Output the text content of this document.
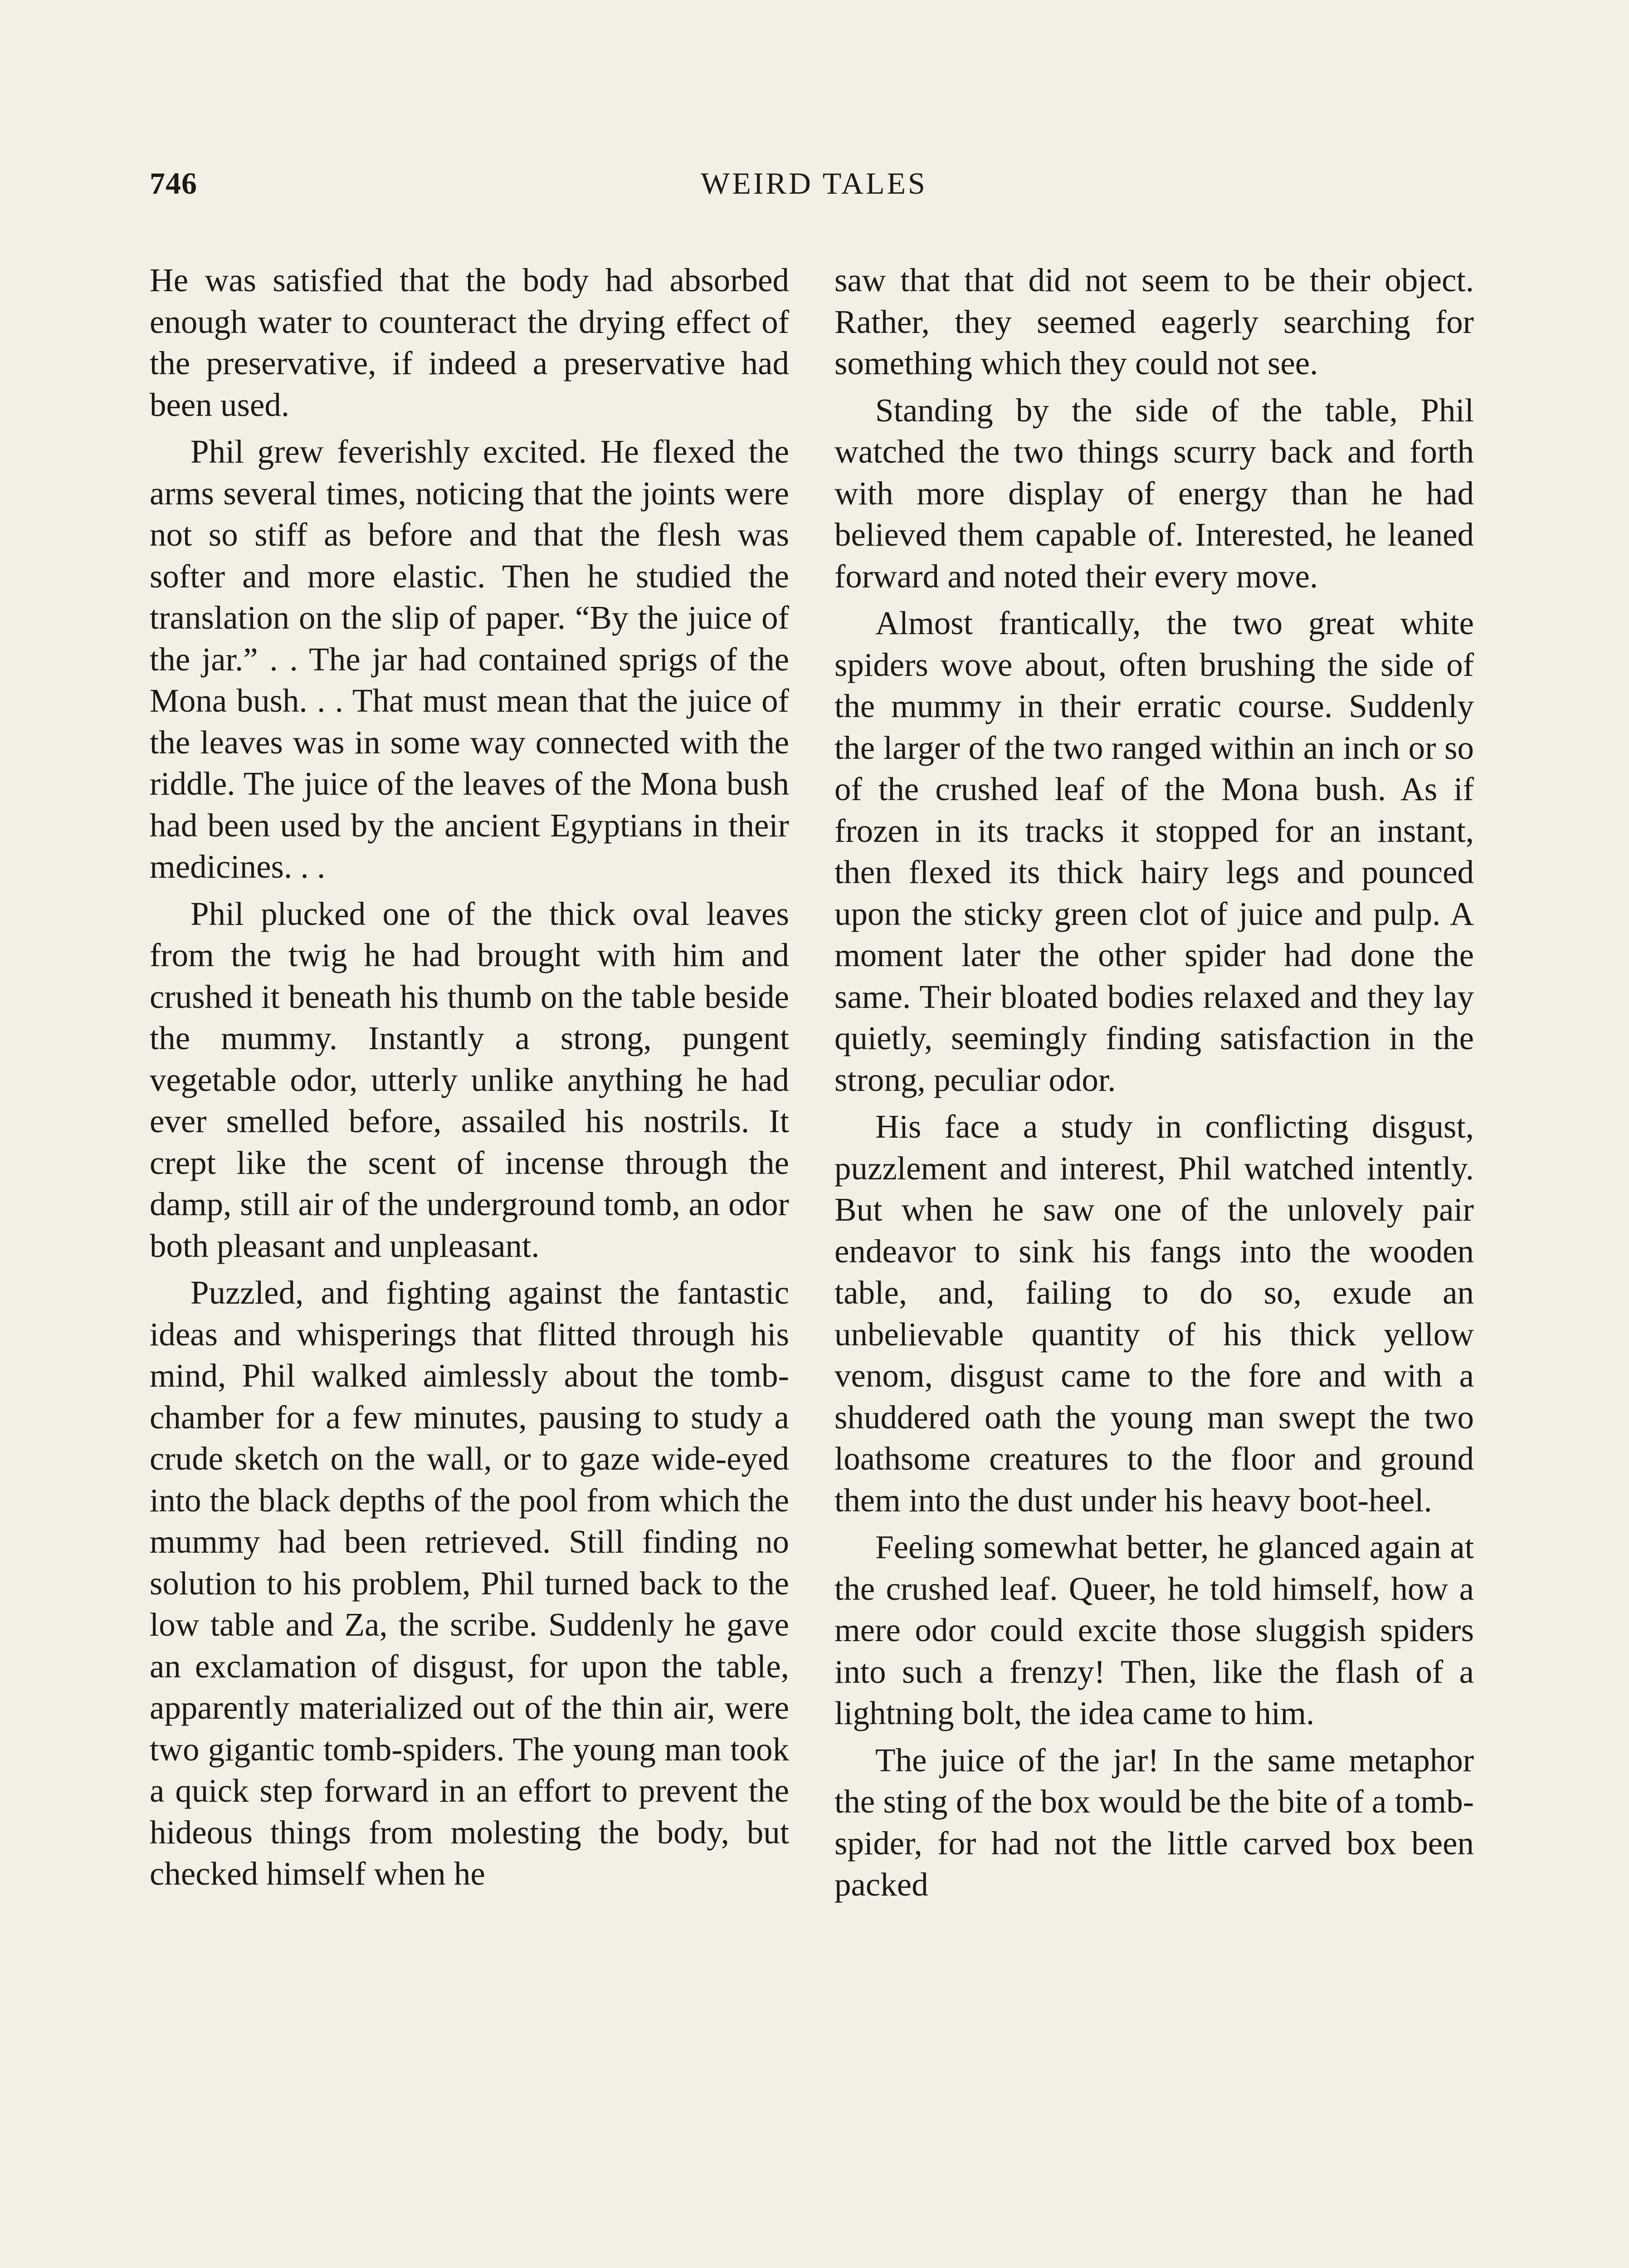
746	WEIRD TALES

He was satisfied that the body had absorbed enough water to counteract the drying effect of the preservative, if indeed a preservative had been used.

Phil grew feverishly excited. He flexed the arms several times, noticing that the joints were not so stiff as before and that the flesh was softer and more elastic. Then he studied the translation on the slip of paper. “By the juice of the jar.” . . The jar had contained sprigs of the Mona bush. . . That must mean that the juice of the leaves was in some way connected with the riddle. The juice of the leaves of the Mona bush had been used by the ancient Egyptians in their medicines. . .

Phil plucked one of the thick oval leaves from the twig he had brought with him and crushed it beneath his thumb on the table beside the mummy. Instantly a strong, pungent vegetable odor, utterly unlike anything he had ever smelled before, assailed his nostrils. It crept like the scent of incense through the damp, still air of the underground tomb, an odor both pleasant and unpleasant.

Puzzled, and fighting against the fantastic ideas and whisperings that flitted through his mind, Phil walked aimlessly about the tomb-chamber for a few minutes, pausing to study a crude sketch on the wall, or to gaze wide-eyed into the black depths of the pool from which the mummy had been retrieved. Still finding no solution to his problem, Phil turned back to the low table and Za, the scribe. Suddenly he gave an exclamation of disgust, for upon the table, apparently materialized out of the thin air, were two gigantic tomb-spiders. The young man took a quick step forward in an effort to prevent the hideous things from molesting the body, but checked himself when he

saw that that did not seem to be their object. Rather, they seemed eagerly searching for something which they could not see.

Standing by the side of the table, Phil watched the two things scurry back and forth with more display of energy than he had believed them capable of. Interested, he leaned forward and noted their every move.

Almost frantically, the two great white spiders wove about, often brushing the side of the mummy in their erratic course. Suddenly the larger of the two ranged within an inch or so of the crushed leaf of the Mona bush. As if frozen in its tracks it stopped for an instant, then flexed its thick hairy legs and pounced upon the sticky green clot of juice and pulp. A moment later the other spider had done the same. Their bloated bodies relaxed and they lay quietly, seemingly finding satisfaction in the strong, peculiar odor.

His face a study in conflicting disgust, puzzlement and interest, Phil watched intently. But when he saw one of the unlovely pair endeavor to sink his fangs into the wooden table, and, failing to do so, exude an unbelievable quantity of his thick yellow venom, disgust came to the fore and with a shuddered oath the young man swept the two loathsome creatures to the floor and ground them into the dust under his heavy boot-heel.

Feeling somewhat better, he glanced again at the crushed leaf. Queer, he told himself, how a mere odor could excite those sluggish spiders into such a frenzy! Then, like the flash of a lightning bolt, the idea came to him.

The juice of the jar! In the same metaphor the sting of the box would be the bite of a tomb-spider, for had not the little carved box been packed
